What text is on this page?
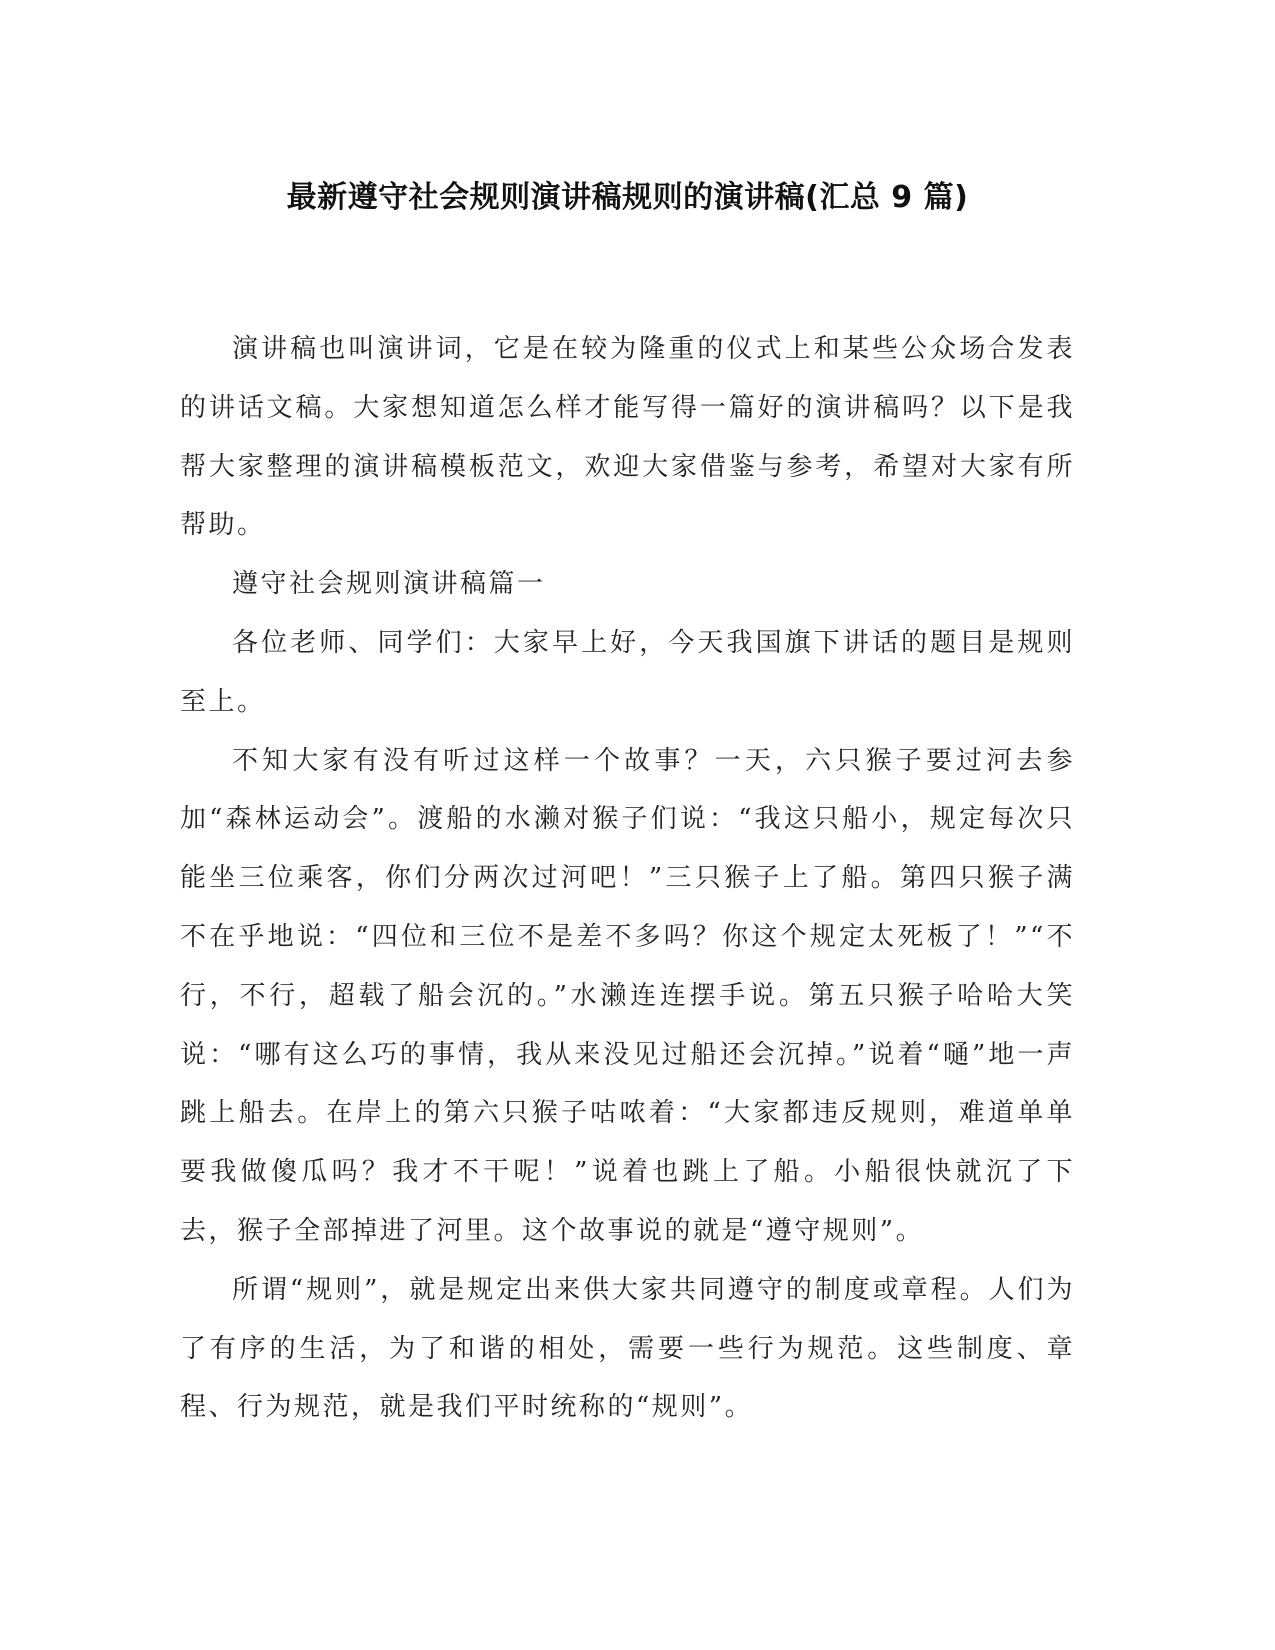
最新遵守社会规则演讲稿规则的演讲稿(汇总 9 篇)

演讲稿也叫演讲词，它是在较为隆重的仪式上和某些公众场合发表的讲话文稿。大家想知道怎么样才能写得一篇好的演讲稿吗？以下是我帮大家整理的演讲稿模板范文，欢迎大家借鉴与参考，希望对大家有所帮助。

遵守社会规则演讲稿篇一

各位老师、同学们：大家早上好，今天我国旗下讲话的题目是规则至上。

不知大家有没有听过这样一个故事？一天，六只猴子要过河去参加“森林运动会”。渡船的水濑对猴子们说：“我这只船小，规定每次只能坐三位乘客，你们分两次过河吧！”三只猴子上了船。第四只猴子满不在乎地说：“四位和三位不是差不多吗？你这个规定太死板了！”“不行，不行，超载了船会沉的。”水濑连连摆手说。第五只猴子哈哈大笑说：“哪有这么巧的事情，我从来没见过船还会沉掉。”说着“嗵”地一声跳上船去。在岸上的第六只猴子咕哝着：“大家都违反规则，难道单单要我做傻瓜吗？我才不干呢！”说着也跳上了船。小船很快就沉了下去，猴子全部掉进了河里。这个故事说的就是“遵守规则”。

所谓“规则”，就是规定出来供大家共同遵守的制度或章程。人们为了有序的生活，为了和谐的相处，需要一些行为规范。这些制度、章程、行为规范，就是我们平时统称的“规则”。
